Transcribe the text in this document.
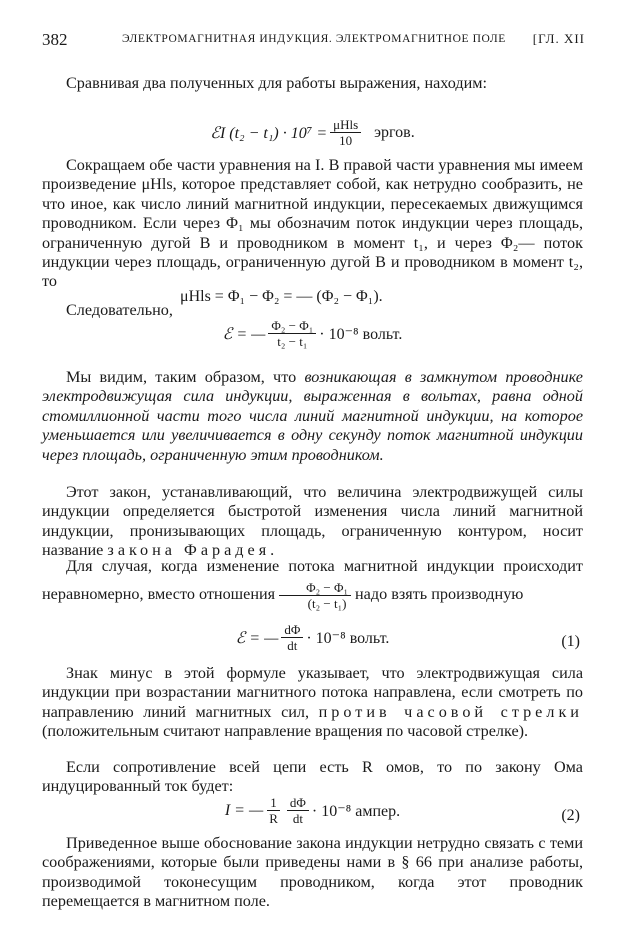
382	ЭЛЕКТРОМАГНИТНАЯ ИНДУКЦИЯ. ЭЛЕКТРОМАГНИТНОЕ ПОЛЕ [ГЛ. XII

Сравнивая два полученных для работы выражения, находим:

ℰI $(t_2 - t_1) \cdot 10^7 = \frac{\text{μHls}}{10}$ эргов.

Сокращаем обе части уравнения на I. В правой части уравнения мы имеем произведение μHls, которое представляет собой, как нетрудно сообразить, не что иное, как число линий магнитной индукции, пересекаемых движущимся проводником. Если через Φ₁ мы обозначим поток индукции через площадь, ограниченную дугой B и проводником в момент t₁, и через Φ₂— поток индукции через площадь, ограниченную дугой B и проводником в момент t₂, то

μHls = Φ₁ − Φ₂ = — (Φ₂ − Φ₁).

Следовательно,

ℰ = — $\frac{\text{Φ₂ − Φ₁}}{\text{t₂ − t₁}} \cdot 10^{-8}$ вольт.

Мы видим, таким образом, что возникающая в замкнутом проводнике электродвижущая сила индукции, выраженная в вольтах, равна одной стомиллионной части того числа линий магнитной индукции, на которое уменьшается или увеличивается в одну секунду поток магнитной индукции через площадь, ограниченную этим проводником.

Этот закон, устанавливающий, что величина электродвижущей силы индукции определяется быстротой изменения числа линий магнитной индукции, пронизывающих площадь, ограниченную контуром, носит название закона Фарадея.

Для случая, когда изменение потока магнитной индукции происходит неравномерно, вместо отношения $\frac{\text{Φ₂ − Φ₁}}{\text{(t₂ − t₁)}}$ надо взять производную

ℰ = — $\frac{d\Phi}{dt} \cdot 10^{-8}$ вольт.	(1)

Знак минус в этой формуле указывает, что электродвижущая сила индукции при возрастании магнитного потока направлена, если смотреть по направлению линий магнитных сил, против часовой стрелки (положительным считают направление вращения по часовой стрелке).

Если сопротивление всей цепи есть R омов, то по закону Ома индуцированный ток будет:

I = — $\frac{1}{R} \frac{d\Phi}{dt} \cdot 10^{-8}$ ампер.	(2)

Приведенное выше обоснование закона индукции нетрудно связать с теми соображениями, которые были приведены нами в § 66 при анализе работы, производимой токонесущим проводником, когда этот проводник перемещается в магнитном поле.
